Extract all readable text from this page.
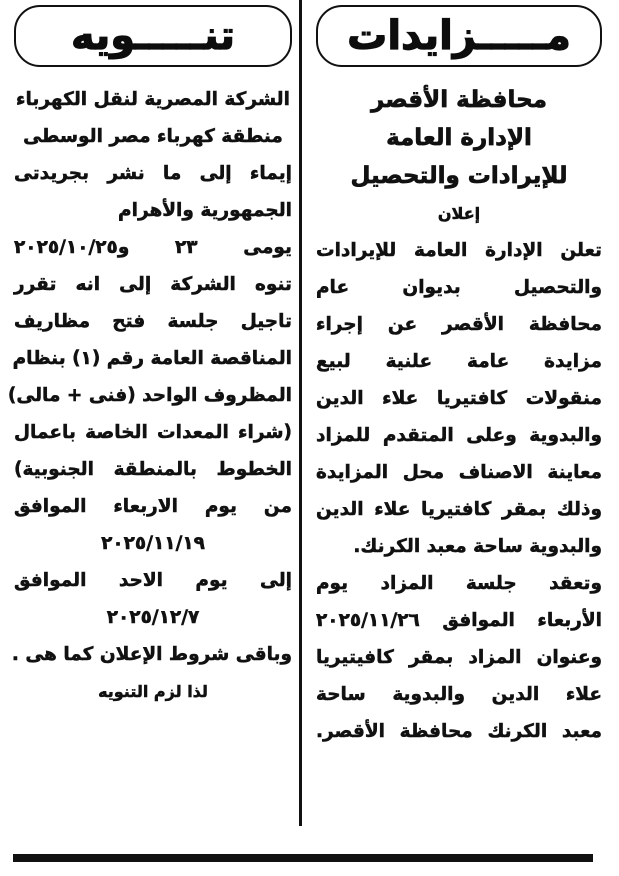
مـــــزايدات
محافظة الأقصر
الإدارة العامة
للإيرادات والتحصيل
إعلان
تعلن الإدارة العامة للإيرادات
والتحصيل بديوان عام
محافظة الأقصر عن إجراء
مزايدة عامة علنية لبيع
منقولات كافتيريا علاء الدين
والبدوية وعلى المتقدم للمزاد
معاينة الاصناف محل المزايدة
وذلك بمقر كافتيريا علاء الدين
والبدوية ساحة معبد الكرنك.
وتعقد جلسة المزاد يوم
الأربعاء الموافق ٢٠٢٥/١١/٢٦
وعنوان المزاد بمقر كافيتيريا
علاء الدين والبدوية ساحة
معبد الكرنك محافظة الأقصر.
تنـــــويه
الشركة المصرية لنقل الكهرباء
منطقة كهرباء مصر الوسطى
إيماء إلى ما نشر بجريدتى
الجمهورية والأهرام
يومى ٢٣ و٢٠٢٥/١٠/٢٥
تنوه الشركة إلى انه تقرر
تاجيل جلسة فتح مظاريف
المناقصة العامة رقم (١) بنظام
المظروف الواحد (فنى + مالى)
(شراء المعدات الخاصة باعمال
الخطوط بالمنطقة الجنوبية)
من يوم الاربعاء الموافق
٢٠٢٥/١١/١٩
إلى يوم الاحد الموافق
٢٠٢٥/١٢/٧
وباقى شروط الإعلان كما هى .
لذا لزم التنويه
